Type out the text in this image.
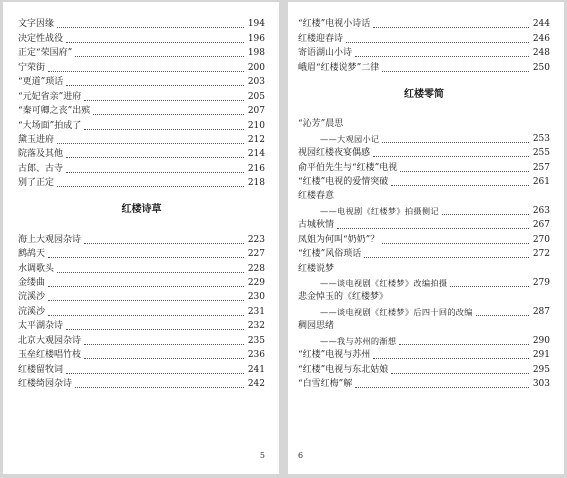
文字因缘	194
决定性战役	196
正定“荣国府”	198
宁荣街	200
“更道”琐话	203
“元妃省亲”进府	205
“秦可卿之丧”出殡	207
“大场面”拍成了	210
黛玉进府	212
院落及其他	214
古郎、古寺	216
别了正定	218
红楼诗草
海上大观园杂诗	223
鹧鸪天	227
水调歌头	228
金缕曲	229
浣溪沙	230
浣溪沙	231
太平湖杂诗	232
北京大观园杂诗	235
玉垒红楼唱竹枝	236
红楼留牧词	241
红楼绮园杂诗	242
5
“红楼”电视小诗话	244
红楼迎春诗	246
寄语湖山小诗	248
峨眉“红楼说梦”二律	250
红楼零简
“沁芳”晨思
——大观园小记	253
视园红楼夜宴偶感	255
俞平伯先生与“红楼”电视	257
“红楼”电视的爱情突破	261
红楼春意
——电视剧《红楼梦》拍摄侧记	263
古城秋情	267
凤姐为何叫“奶奶”？	270
“红楼”风俗琐话	272
红楼说梦
——谈电视剧《红楼梦》改编拍摄	279
悲金悼玉的《红楼梦》
——谈电视剧《红楼梦》后四十回的改编	287
稠园思绪
——我与苏州的渐想	290
“红楼”电视与苏州	291
“红楼”电视与东北姑娘	295
“白雪红梅”解	303
6
